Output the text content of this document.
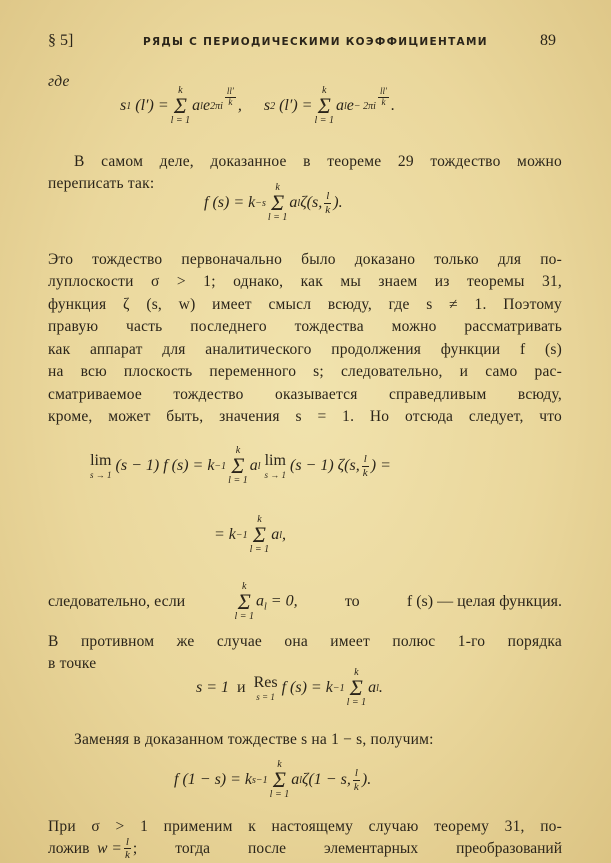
§ 5]	РЯДЫ С ПЕРИОДИЧЕСКИМИ КОЭФФИЦИЕНТАМИ	89
где
s 1
(l′) =
k
Σ
l = 1
a l e $2\pi i \frac{ll'}{k}$ , s 2
(l′) =
k
Σ
l = 1
a l $e - 2\pi i \frac{ll'}{k}$ .
В самом деле, доказанное в теореме 29 тождество можно
переписать так:
f (s) = k −s
k
Σ
l = 1
a l ζ(s, $\frac{l}{k}$ ).
Это тождество первоначально было доказано только для по-
луплоскости σ > 1; однако, как мы знаем из теоремы 31,
функция ζ (s, w) имеет смысл всюду, где s ≠ 1. Поэтому
правую часть последнего тождества можно рассматривать
как аппарат для аналитического продолжения функции f (s)
на всю плоскость переменного s; следовательно, и само рас-
сматриваемое тождество оказывается справедливым всюду,
кроме, может быть, значения s = 1. Но отсюда следует, что
lim
s → 1

(s − 1) f (s) = k −1
k
Σ
l = 1
a l
lim
s → 1

(s − 1) ζ(s, $\frac{l}{k}$ ) =
= k −1
k
Σ
l = 1
a l ,
следовательно, если
k
Σ
l = 1
$a_l = 0$,	то	f (s) — целая функция.
В противном же случае она имеет полюс 1-го порядка
в точке
s = 1
и
Res
s = 1

f (s) = k −1
k
Σ
l = 1
a l .
Заменяя в доказанном тождестве s на 1 − s, получим:
f (1 − s) = k s−1
k
Σ
l = 1
a l ζ(1 − s, $\frac{l}{k}$ ).
При σ > 1 применим к настоящему случаю теорему 31, по-
ложив
$w = \frac{l}{k}$ ; тогда после элементарных преобразований
